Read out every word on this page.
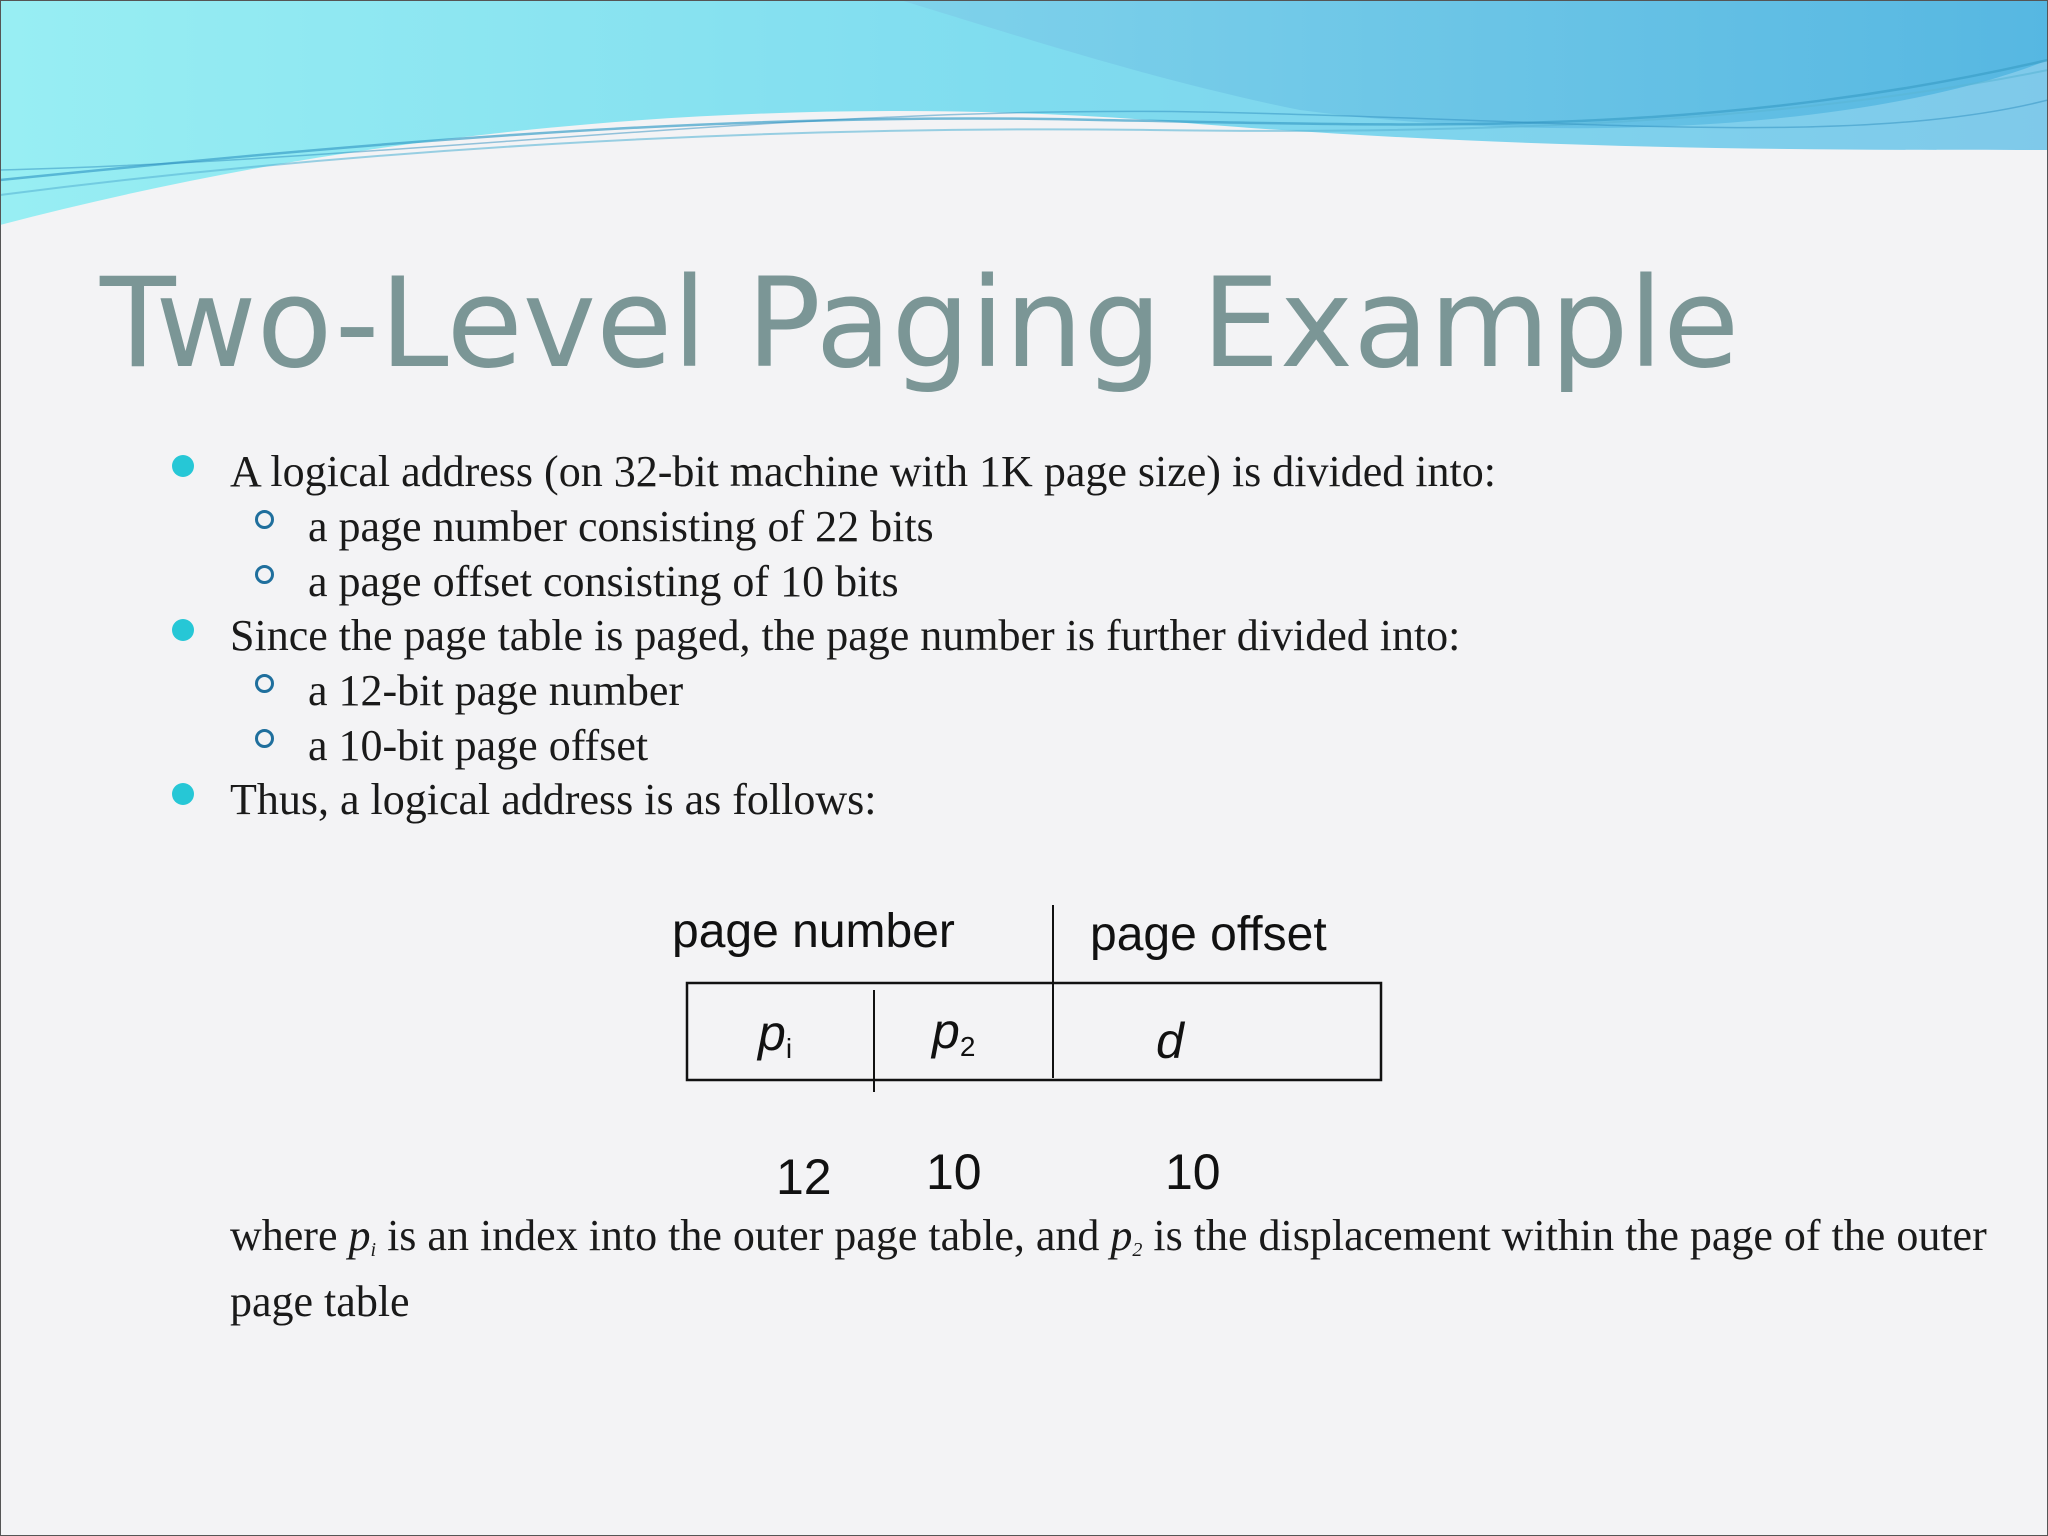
Two-Level Paging Example
A logical address (on 32-bit machine with 1K page size) is divided into:
a page number consisting of 22 bits
a page offset consisting of 10 bits
Since the page table is paged, the page number is further divided into:
a 12-bit page number
a 10-bit page offset
Thus, a logical address is as follows:
page number	page offset
$p_i$	$p_2$	d
12 10	10
where $p_i$ is an index into the outer page table, and $p_2$ is the displacement within the page of the outer page table
